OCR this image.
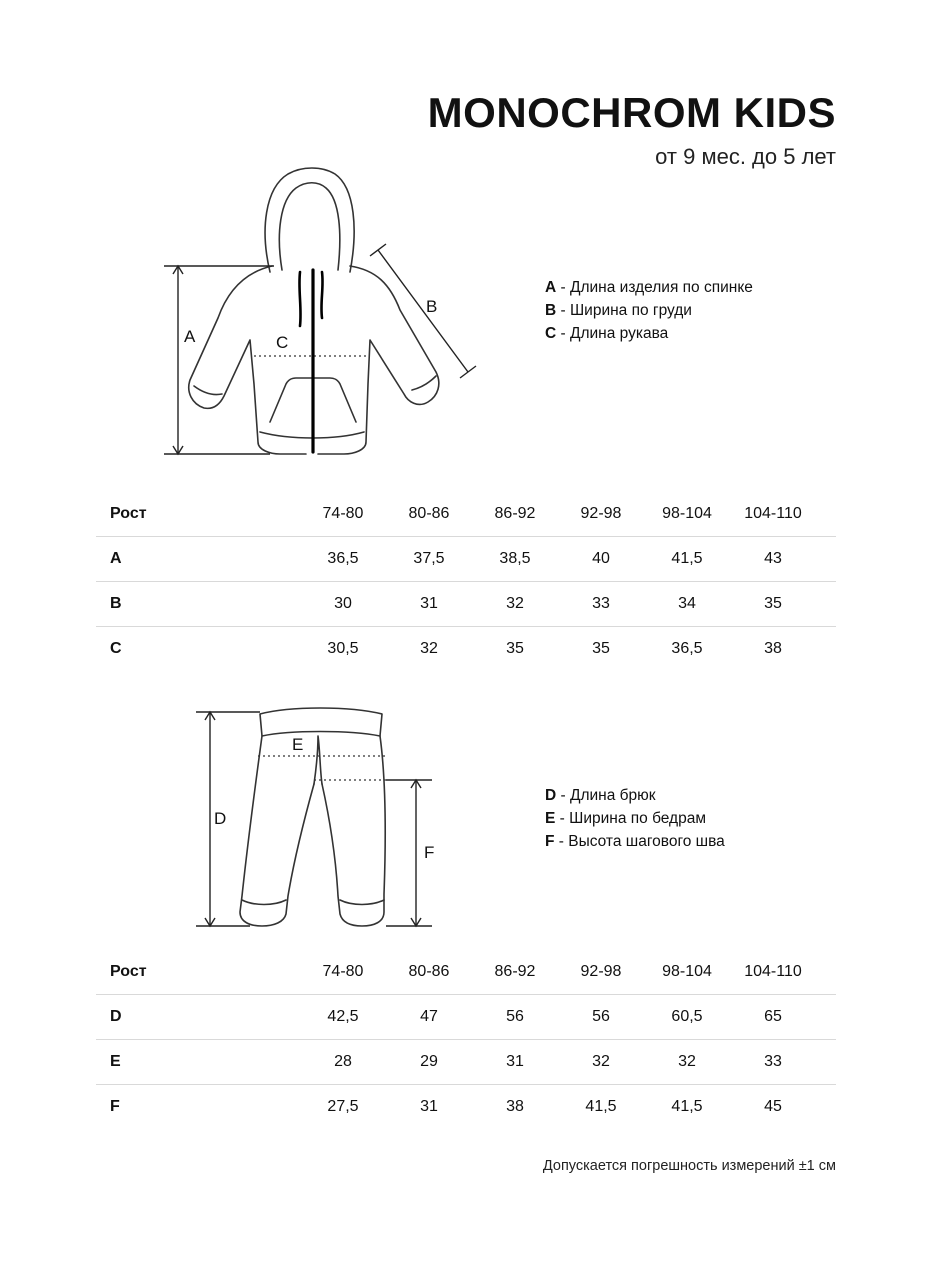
MONOCHROM KIDS
от 9 мес. до 5 лет
A	C
B
A - Длина изделия по спинке
B - Ширина по груди
C - Длина рукава
Рост	74-80	80-86	86-92	92-98	98-104	104-110
A	36,5	37,5	38,5	40	41,5	43
B	30	31	32	33	34	35
C	30,5	32	35	35	36,5	38
D
E
F
D - Длина брюк
E - Ширина по бедрам
F - Высота шагового шва
Рост	74-80	80-86	86-92	92-98	98-104	104-110
D	42,5	47	56	56	60,5	65
E	28	29	31	32	32	33
F	27,5	31	38	41,5	41,5	45
Допускается погрешность измерений ±1 см
